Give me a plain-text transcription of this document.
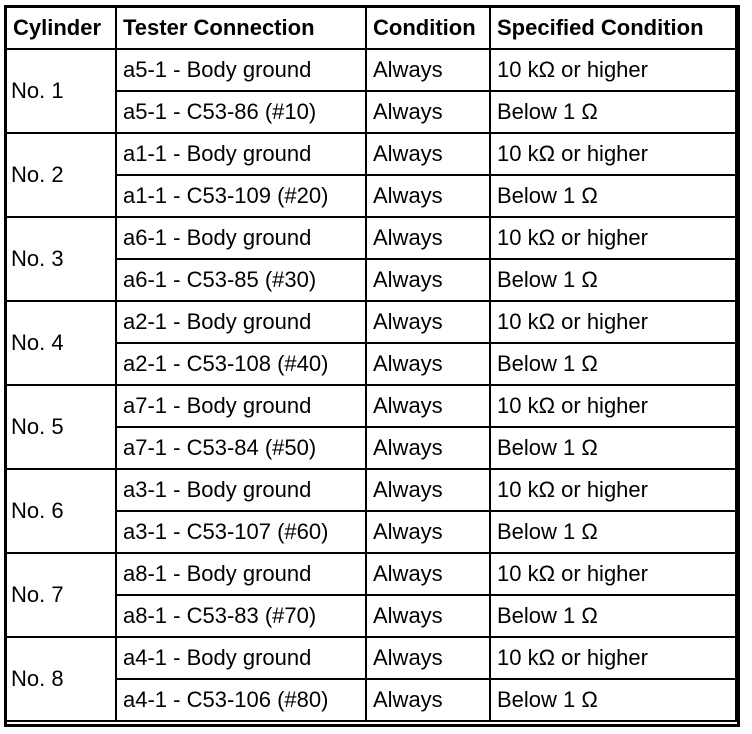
Cylinder	Tester Connection	Condition	Specified Condition
No. 1	a5-1 - Body ground	Always	10 kΩ or higher
	a5-1 - C53-86 (#10)	Always	Below 1 Ω
No. 2	a1-1 - Body ground	Always	10 kΩ or higher
	a1-1 - C53-109 (#20)	Always	Below 1 Ω
No. 3	a6-1 - Body ground	Always	10 kΩ or higher
	a6-1 - C53-85 (#30)	Always	Below 1 Ω
No. 4	a2-1 - Body ground	Always	10 kΩ or higher
	a2-1 - C53-108 (#40)	Always	Below 1 Ω
No. 5	a7-1 - Body ground	Always	10 kΩ or higher
	a7-1 - C53-84 (#50)	Always	Below 1 Ω
No. 6	a3-1 - Body ground	Always	10 kΩ or higher
	a3-1 - C53-107 (#60)	Always	Below 1 Ω
No. 7	a8-1 - Body ground	Always	10 kΩ or higher
	a8-1 - C53-83 (#70)	Always	Below 1 Ω
No. 8	a4-1 - Body ground	Always	10 kΩ or higher
	a4-1 - C53-106 (#80)	Always	Below 1 Ω
